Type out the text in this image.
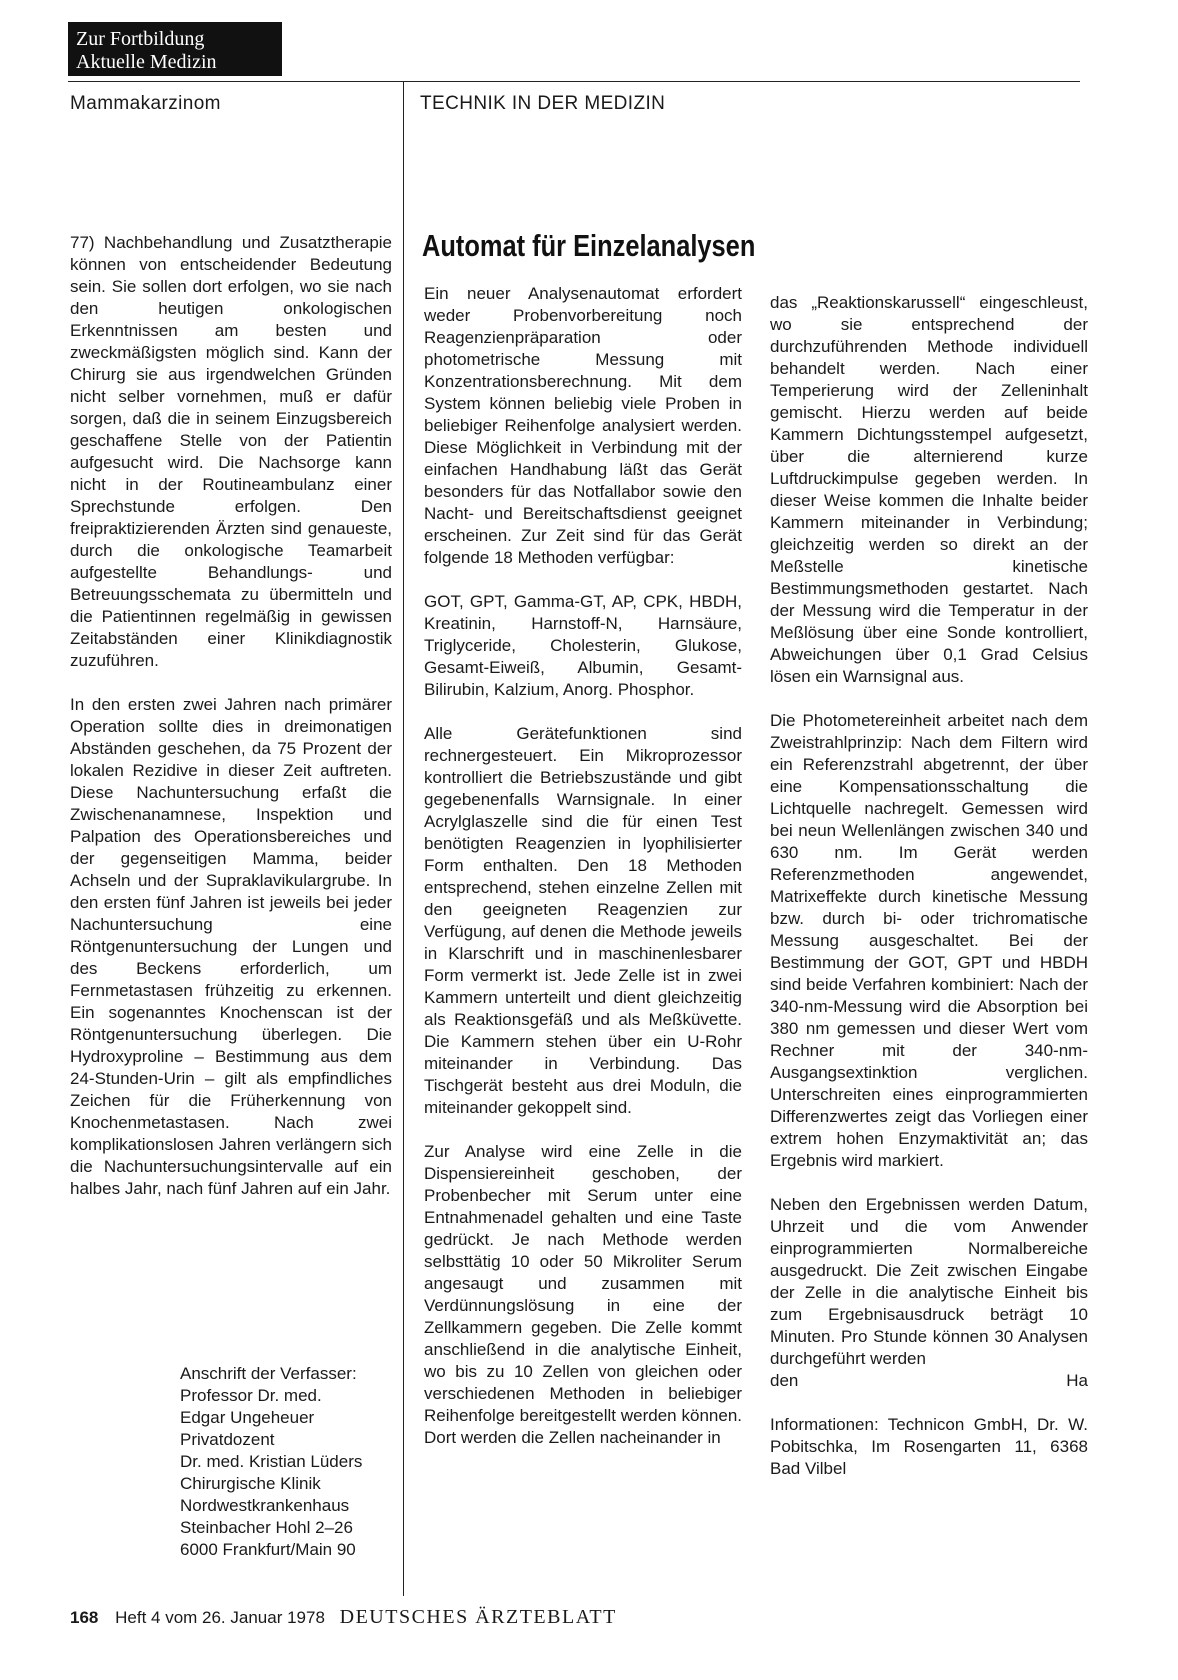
Zur Fortbildung
Aktuelle Medizin
Mammakarzinom	TECHNIK IN DER MEDIZIN

77) Nachbehandlung und Zusatztherapie können von entscheidender Bedeutung sein. Sie sollen dort erfolgen, wo sie nach den heutigen onkologischen Erkenntnissen am besten und zweckmäßigsten möglich sind. Kann der Chirurg sie aus irgendwelchen Gründen nicht selber vornehmen, muß er dafür sorgen, daß die in seinem Einzugsbereich geschaffene Stelle von der Patientin aufgesucht wird. Die Nachsorge kann nicht in der Routineambulanz einer Sprechstunde erfolgen. Den freipraktizierenden Ärzten sind genaueste, durch die onkologische Teamarbeit aufgestellte Behandlungs- und Betreuungsschemata zu übermitteln und die Patientinnen regelmäßig in gewissen Zeitabständen einer Klinikdiagnostik zuzuführen.

In den ersten zwei Jahren nach primärer Operation sollte dies in dreimonatigen Abständen geschehen, da 75 Prozent der lokalen Rezidive in dieser Zeit auftreten. Diese Nachuntersuchung erfaßt die Zwischenanamnese, Inspektion und Palpation des Operationsbereiches und der gegenseitigen Mamma, beider Achseln und der Supraklavikulargrube. In den ersten fünf Jahren ist jeweils bei jeder Nachuntersuchung eine Röntgenuntersuchung der Lungen und des Beckens erforderlich, um Fernmetastasen frühzeitig zu erkennen. Ein sogenanntes Knochenscan ist der Röntgenuntersuchung überlegen. Die Hydroxyproline – Bestimmung aus dem 24-Stunden-Urin – gilt als empfindliches Zeichen für die Früherkennung von Knochenmetastasen. Nach zwei komplikationslosen Jahren verlängern sich die Nachuntersuchungsintervalle auf ein halbes Jahr, nach fünf Jahren auf ein Jahr.

Anschrift der Verfasser:
Professor Dr. med.
Edgar Ungeheuer
Privatdozent
Dr. med. Kristian Lüders
Chirurgische Klinik
Nordwestkrankenhaus
Steinbacher Hohl 2–26
6000 Frankfurt/Main 90
Automat für Einzelanalysen

Ein neuer Analysenautomat erfordert weder Probenvorbereitung noch Reagenzienpräparation oder photometrische Messung mit Konzentrationsberechnung. Mit dem System können beliebig viele Proben in beliebiger Reihenfolge analysiert werden. Diese Möglichkeit in Verbindung mit der einfachen Handhabung läßt das Gerät besonders für das Notfallabor sowie den Nacht- und Bereitschaftsdienst geeignet erscheinen. Zur Zeit sind für das Gerät folgende 18 Methoden verfügbar:

GOT, GPT, Gamma-GT, AP, CPK, HBDH, Kreatinin, Harnstoff-N, Harnsäure, Triglyceride, Cholesterin, Glukose, Gesamt-Eiweiß, Albumin, Gesamt-Bilirubin, Kalzium, Anorg. Phosphor.

Alle Gerätefunktionen sind rechnergesteuert. Ein Mikroprozessor kontrolliert die Betriebszustände und gibt gegebenenfalls Warnsignale. In einer Acrylglaszelle sind die für einen Test benötigten Reagenzien in lyophilisierter Form enthalten. Den 18 Methoden entsprechend, stehen einzelne Zellen mit den geeigneten Reagenzien zur Verfügung, auf denen die Methode jeweils in Klarschrift und in maschinenlesbarer Form vermerkt ist. Jede Zelle ist in zwei Kammern unterteilt und dient gleichzeitig als Reaktionsgefäß und als Meßküvette. Die Kammern stehen über ein U-Rohr miteinander in Verbindung. Das Tischgerät besteht aus drei Moduln, die miteinander gekoppelt sind.

Zur Analyse wird eine Zelle in die Dispensiereinheit geschoben, der Probenbecher mit Serum unter eine Entnahmenadel gehalten und eine Taste gedrückt. Je nach Methode werden selbsttätig 10 oder 50 Mikroliter Serum angesaugt und zusammen mit Verdünnungslösung in eine der Zellkammern gegeben. Die Zelle kommt anschließend in die analytische Einheit, wo bis zu 10 Zellen von gleichen oder verschiedenen Methoden in beliebiger Reihenfolge bereitgestellt werden können. Dort werden die Zellen nacheinander in

das „Reaktionskarussell“ eingeschleust, wo sie entsprechend der durchzuführenden Methode individuell behandelt werden. Nach einer Temperierung wird der Zelleninhalt gemischt. Hierzu werden auf beide Kammern Dichtungsstempel aufgesetzt, über die alternierend kurze Luftdruckimpulse gegeben werden. In dieser Weise kommen die Inhalte beider Kammern miteinander in Verbindung; gleichzeitig werden so direkt an der Meßstelle kinetische Bestimmungsmethoden gestartet. Nach der Messung wird die Temperatur in der Meßlösung über eine Sonde kontrolliert, Abweichungen über 0,1 Grad Celsius lösen ein Warnsignal aus.

Die Photometereinheit arbeitet nach dem Zweistrahlprinzip: Nach dem Filtern wird ein Referenzstrahl abgetrennt, der über eine Kompensationsschaltung die Lichtquelle nachregelt. Gemessen wird bei neun Wellenlängen zwischen 340 und 630 nm. Im Gerät werden Referenzmethoden angewendet, Matrixeffekte durch kinetische Messung bzw. durch bi- oder trichromatische Messung ausgeschaltet. Bei der Bestimmung der GOT, GPT und HBDH sind beide Verfahren kombiniert: Nach der 340-nm-Messung wird die Absorption bei 380 nm gemessen und dieser Wert vom Rechner mit der 340-nm-Ausgangsextinktion verglichen. Unterschreiten eines einprogrammierten Differenzwertes zeigt das Vorliegen einer extrem hohen Enzymaktivität an; das Ergebnis wird markiert.

Neben den Ergebnissen werden Datum, Uhrzeit und die vom Anwender einprogrammierten Normalbereiche ausgedruckt. Die Zeit zwischen Eingabe der Zelle in die analytische Einheit bis zum Ergebnisausdruck beträgt 10 Minuten. Pro Stunde können 30 Analysen durchgeführt werden

den	Ha

Informationen: Technicon GmbH, Dr. W. Pobitschka, Im Rosengarten 11, 6368 Bad Vilbel

168 Heft 4 vom 26. Januar 1978 DEUTSCHES ÄRZTEBLATT
